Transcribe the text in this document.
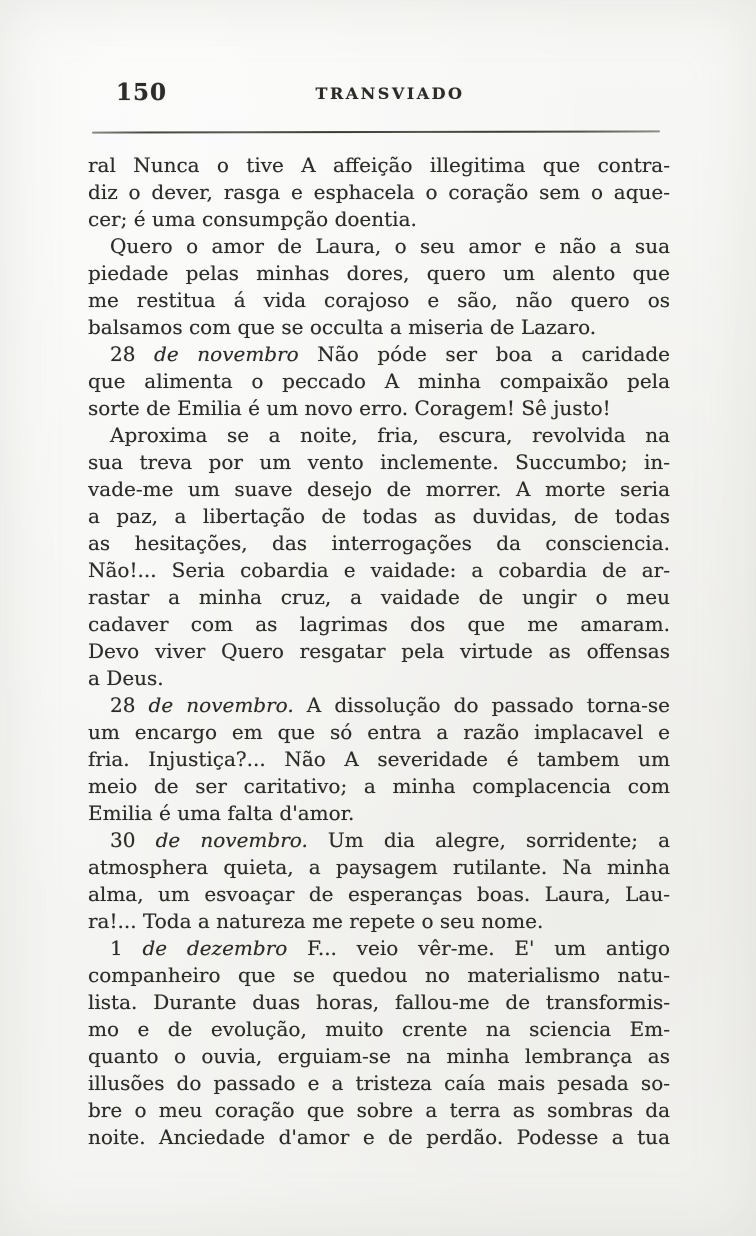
150	TRANSVIADO
ral Nunca o tive A affeição illegitima que contra-
diz o dever, rasga e esphacela o coração sem o aque-
cer; é uma consumpção doentia.
Quero o amor de Laura, o seu amor e não a sua
piedade pelas minhas dores, quero um alento que
me restitua á vida corajoso e são, não quero os
balsamos com que se occulta a miseria de Lazaro.
28 de novembro Não póde ser boa a caridade
que alimenta o peccado A minha compaixão pela
sorte de Emilia é um novo erro. Coragem! Sê justo!
Aproxima se a noite, fria, escura, revolvida na
sua treva por um vento inclemente. Succumbo; in-
vade-me um suave desejo de morrer. A morte seria
a paz, a libertação de todas as duvidas, de todas
as hesitações, das interrogações da consciencia.
Não!... Seria cobardia e vaidade: a cobardia de ar-
rastar a minha cruz, a vaidade de ungir o meu
cadaver com as lagrimas dos que me amaram.
Devo viver Quero resgatar pela virtude as offensas
a Deus.
28 de novembro. A dissolução do passado torna-se
um encargo em que só entra a razão implacavel e
fria. Injustiça?... Não A severidade é tambem um
meio de ser caritativo; a minha complacencia com
Emilia é uma falta d'amor.
30 de novembro. Um dia alegre, sorridente; a
atmosphera quieta, a paysagem rutilante. Na minha
alma, um esvoaçar de esperanças boas. Laura, Lau-
ra!... Toda a natureza me repete o seu nome.
1 de dezembro F... veio vêr-me. E' um antigo
companheiro que se quedou no materialismo natu-
lista. Durante duas horas, fallou-me de transformis-
mo e de evolução, muito crente na sciencia Em-
quanto o ouvia, erguiam-se na minha lembrança as
illusões do passado e a tristeza caía mais pesada so-
bre o meu coração que sobre a terra as sombras da
noite. Anciedade d'amor e de perdão. Podesse a tua
